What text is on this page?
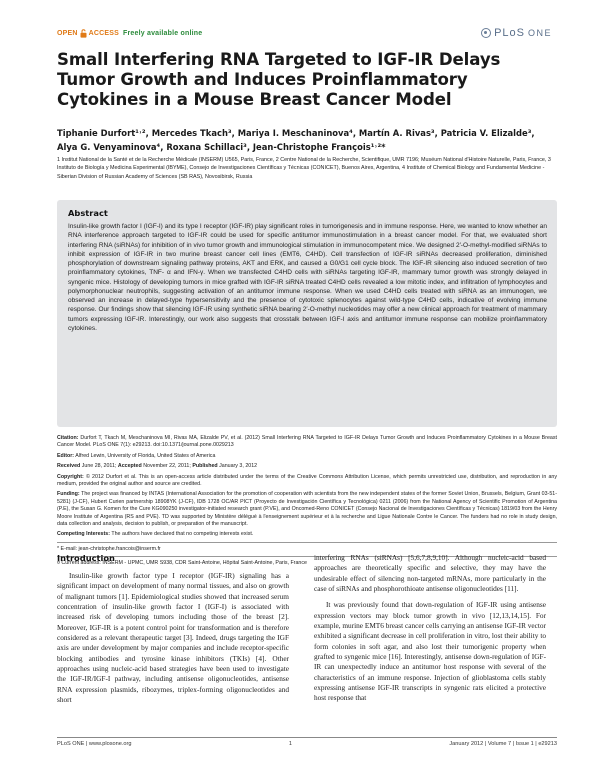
OPEN ACCESS Freely available online	PLoS ONE
Small Interfering RNA Targeted to IGF-IR Delays Tumor Growth and Induces Proinflammatory Cytokines in a Mouse Breast Cancer Model
Tiphanie Durfort¹˒², Mercedes Tkach³, Mariya I. Meschaninova⁴, Martín A. Rivas³, Patricia V. Elizalde³,
Alya G. Venyaminova⁴, Roxana Schillaci³, Jean-Christophe François¹˒²*
1 Institut National de la Santé et de la Recherche Médicale (INSERM) U565, Paris, France, 2 Centre National de la Recherche, Scientifique, UMR 7196; Muséum National d'Histoire Naturelle, Paris, France, 3 Instituto de Biología y Medicina Experimental (IBYME), Consejo de Investigaciones Científicas y Técnicas (CONICET), Buenos Aires, Argentina, 4 Institute of Chemical Biology and Fundamental Medicine - Siberian Division of Russian Academy of Sciences (SB RAS), Novosibirsk, Russia
Abstract
Insulin-like growth factor I (IGF-I) and its type I receptor (IGF-IR) play significant roles in tumorigenesis and in immune response. Here, we wanted to know whether an RNA interference approach targeted to IGF-IR could be used for specific antitumor immunostimulation in a breast cancer model. For that, we evaluated short interfering RNA (siRNAs) for inhibition of in vivo tumor growth and immunological stimulation in immunocompetent mice. We designed 2′-O-methyl-modified siRNAs to inhibit expression of IGF-IR in two murine breast cancer cell lines (EMT6, C4HD). Cell transfection of IGF-IR siRNAs decreased proliferation, diminished phosphorylation of downstream signaling pathway proteins, AKT and ERK, and caused a G0/G1 cell cycle block. The IGF-IR silencing also induced secretion of two proinflammatory cytokines, TNF- α and IFN-γ. When we transfected C4HD cells with siRNAs targeting IGF-IR, mammary tumor growth was strongly delayed in syngenic mice. Histology of developing tumors in mice grafted with IGF-IR siRNA treated C4HD cells revealed a low mitotic index, and infiltration of lymphocytes and polymorphonuclear neutrophils, suggesting activation of an antitumor immune response. When we used C4HD cells treated with siRNA as an immunogen, we observed an increase in delayed-type hypersensitivity and the presence of cytotoxic splenocytes against wild-type C4HD cells, indicative of evolving immune response. Our findings show that silencing IGF-IR using synthetic siRNA bearing 2′-O-methyl nucleotides may offer a new clinical approach for treatment of mammary tumors expressing IGF-IR. Interestingly, our work also suggests that crosstalk between IGF-I axis and antitumor immune response can mobilize proinflammatory cytokines.

Citation: Durfort T, Tkach M, Meschaninova MI, Rivas MA, Elizalde PV, et al. (2012) Small Interfering RNA Targeted to IGF-IR Delays Tumor Growth and Induces Proinflammatory Cytokines in a Mouse Breast Cancer Model. PLoS ONE 7(1): e29213. doi:10.1371/journal.pone.0029213

Editor: Alfred Lewin, University of Florida, United States of America

Received June 28, 2011; Accepted November 22, 2011; Published January 3, 2012

Copyright: © 2012 Durfort et al. This is an open-access article distributed under the terms of the Creative Commons Attribution License, which permits unrestricted use, distribution, and reproduction in any medium, provided the original author and source are credited.

Funding: The project was financed by INTAS (International Association for the promotion of cooperation with scientists from the new independent states of the former Soviet Union, Brussels, Belgium, Grant 03-51-5281) (J-CF), Hubert Curien partnership 18908YK (J-CF), IDB 1728 OC/AR PICT (Proyecto de Investigación Científica y Tecnológica) 0211 (2006) from the National Agency of Scientific Promotion of Argentina (P.E), the Susan G. Komen for the Cure KG090250 investigator-initiated research grant (P.VE), and Oncomed-Reno CONICET (Consejo Nacional de Investigaciones Científicas y Técnicas) 1819/03 from the Henry Moore Institute of Argentina (RS and PVE). TD was supported by Ministère délégué à l'enseignement supérieur et à la recherche and Ligue Nationale Contre le Cancer. The funders had no role in study design, data collection and analysis, decision to publish, or preparation of the manuscript.

Competing Interests: The authors have declared that no competing interests exist.

* E-mail: jean-christophe.francois@inserm.fr

¤ Current address: INSERM - UPMC, UMR S938, CDR Saint-Antoine, Hôpital Saint-Antoine, Paris, France

Introduction

Insulin-like growth factor type I receptor (IGF-IR) signaling has a significant impact on development of many normal tissues, and also on growth of malignant tumors [1]. Epidemiological studies showed that increased serum concentration of insulin-like growth factor I (IGF-I) is associated with increased risk of developing tumors including those of the breast [2]. Moreover, IGF-IR is a potent control point for transformation and is therefore considered as a relevant therapeutic target [3]. Indeed, drugs targeting the IGF axis are under development by major companies and include receptor-specific blocking antibodies and tyrosine kinase inhibitors (TKIs) [4]. Other approaches using nucleic-acid based strategies have been used to investigate the IGF-IR/IGF-I pathway, including antisense oligonucleotides, antisense RNA expression plasmids, ribozymes, triplex-forming oligonucleotides and short

interfering RNAs (siRNAs) [5,6,7,8,9,10]. Although nucleic-acid based approaches are theoretically specific and selective, they may have the undesirable effect of silencing non-targeted mRNAs, more particularly in the case of siRNAs and phosphorothioate antisense oligonucleotides [11].

It was previously found that down-regulation of IGF-IR using antisense expression vectors may block tumor growth in vivo [12,13,14,15]. For example, murine EMT6 breast cancer cells carrying an antisense IGF-IR vector exhibited a significant decrease in cell proliferation in vitro, lost their ability to form colonies in soft agar, and also lost their tumorigenic property when grafted to syngenic mice [16]. Interestingly, antisense down-regulation of IGF-IR can unexpectedly induce an antitumor host response with several of the characteristics of an immune response. Injection of glioblastoma cells stably expressing antisense IGF-IR transcripts in syngenic rats elicited a protective host response that

PLoS ONE | www.plosone.org	1	January 2012 | Volume 7 | Issue 1 | e29213
